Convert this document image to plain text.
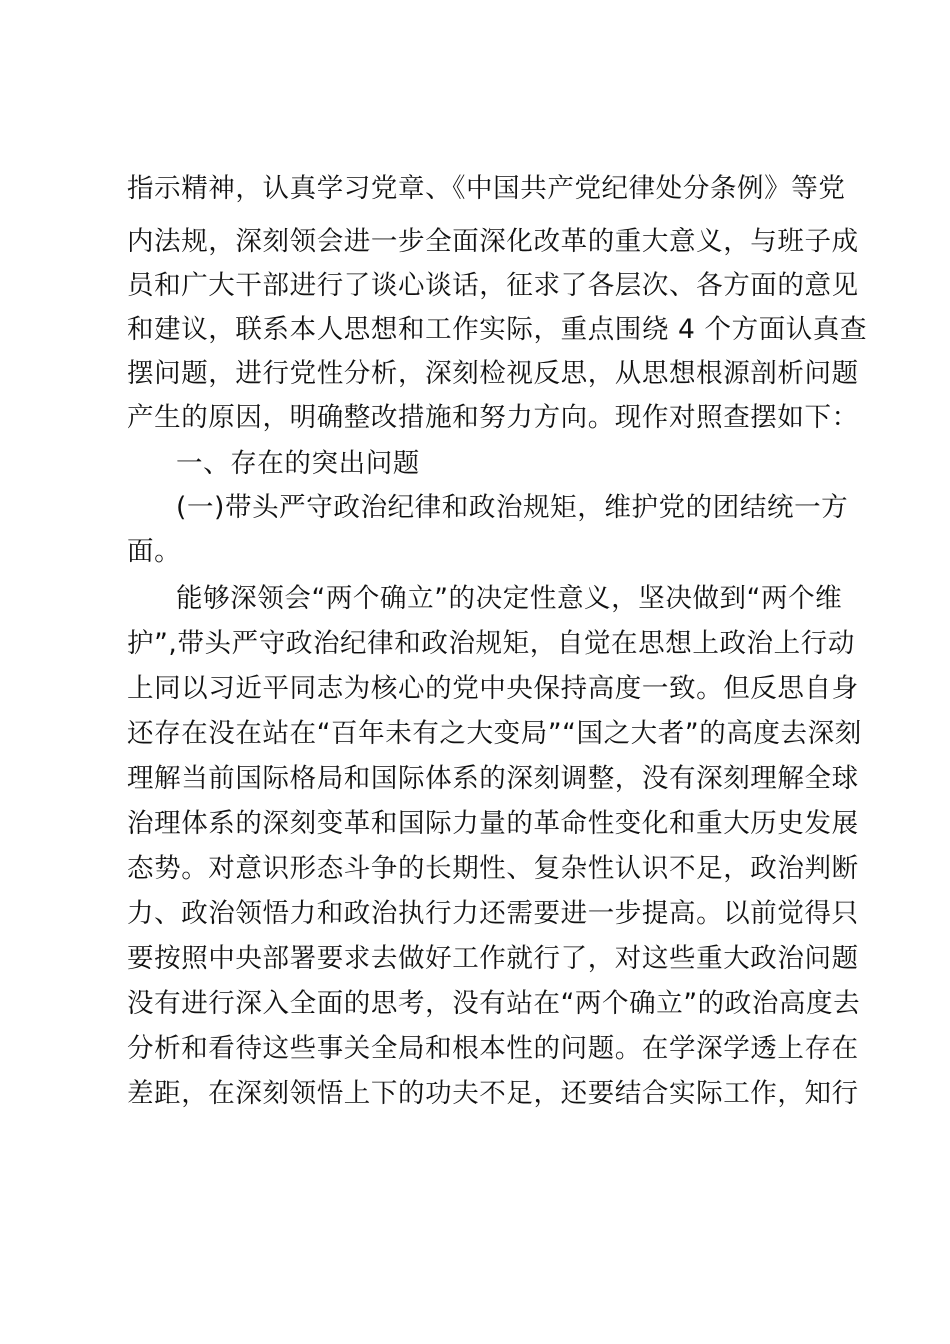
指示精神，认真学习党章、《中国共产党纪律处分条例》等党
内法规，深刻领会进一步全面深化改革的重大意义，与班子成
员和广大干部进行了谈心谈话，征求了各层次、各方面的意见
和建议，联系本人思想和工作实际，重点围绕 4 个方面认真查
摆问题，进行党性分析，深刻检视反思，从思想根源剖析问题
产生的原因，明确整改措施和努力方向。现作对照查摆如下：
一、存在的突出问题
(一)带头严守政治纪律和政治规矩，维护党的团结统一方
面。
能够深领会“两个确立”的决定性意义，坚决做到“两个维
护”,带头严守政治纪律和政治规矩，自觉在思想上政治上行动
上同以习近平同志为核心的党中央保持高度一致。但反思自身
还存在没在站在“百年未有之大变局”“国之大者”的高度去深刻
理解当前国际格局和国际体系的深刻调整，没有深刻理解全球
治理体系的深刻变革和国际力量的革命性变化和重大历史发展
态势。对意识形态斗争的长期性、复杂性认识不足，政治判断
力、政治领悟力和政治执行力还需要进一步提高。以前觉得只
要按照中央部署要求去做好工作就行了，对这些重大政治问题
没有进行深入全面的思考，没有站在“两个确立”的政治高度去
分析和看待这些事关全局和根本性的问题。在学深学透上存在
差距，在深刻领悟上下的功夫不足，还要结合实际工作，知行
